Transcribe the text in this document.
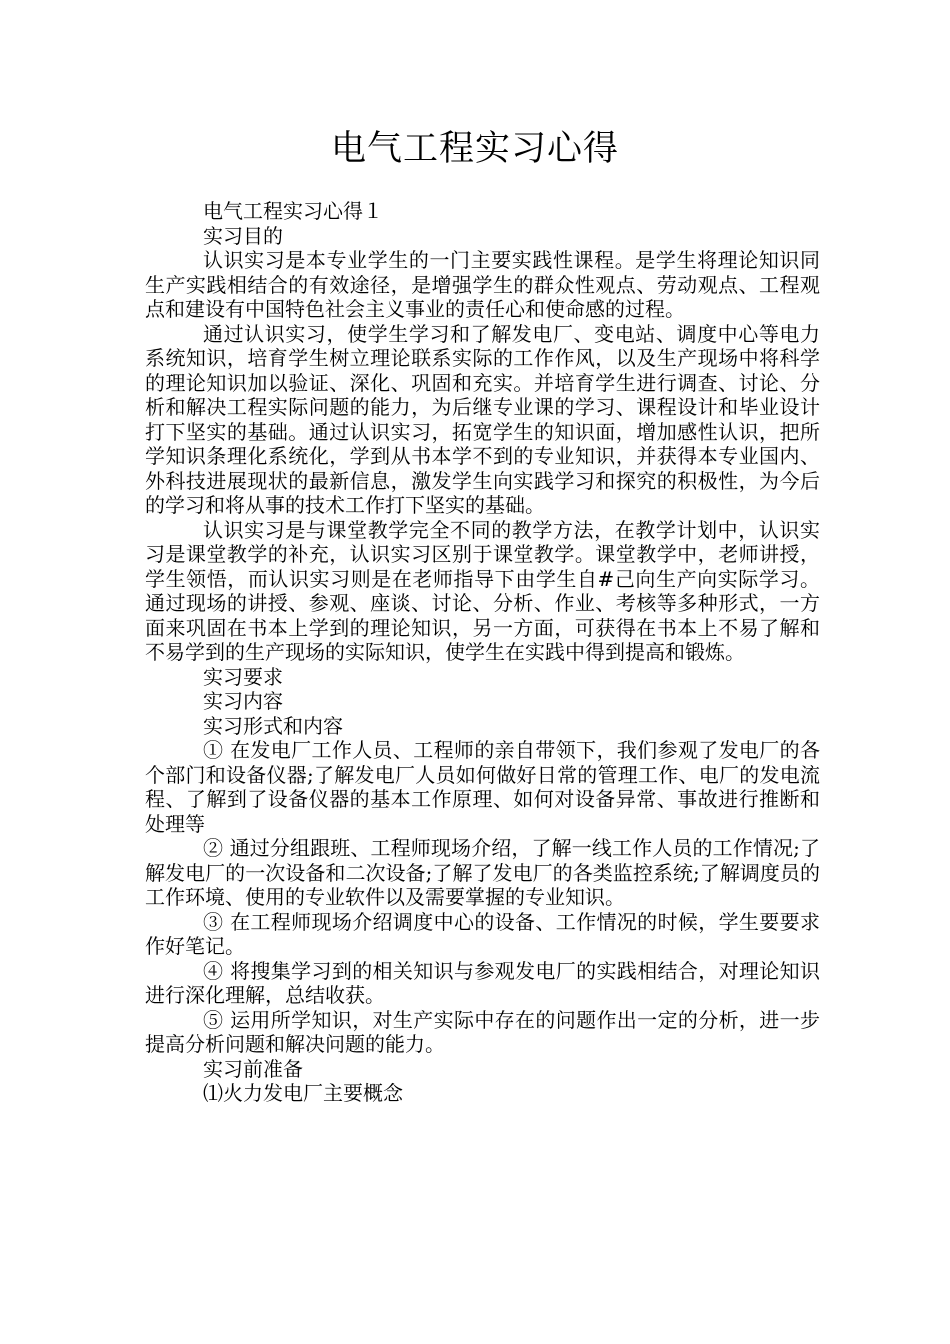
电气工程实习心得

电气工程实习心得１

实习目的

认识实习是本专业学生的一门主要实践性课程。是学生将理论知识同生产实践相结合的有效途径，是增强学生的群众性观点、劳动观点、工程观点和建设有中国特色社会主义事业的责任心和使命感的过程。

通过认识实习，使学生学习和了解发电厂、变电站、调度中心等电力系统知识，培育学生树立理论联系实际的工作作风，以及生产现场中将科学的理论知识加以验证、深化、巩固和充实。并培育学生进行调查、讨论、分析和解决工程实际问题的能力，为后继专业课的学习、课程设计和毕业设计打下坚实的基础。通过认识实习，拓宽学生的知识面，增加感性认识，把所学知识条理化系统化，学到从书本学不到的专业知识，并获得本专业国内、外科技进展现状的最新信息，激发学生向实践学习和探究的积极性，为今后的学习和将从事的技术工作打下坚实的基础。

认识实习是与课堂教学完全不同的教学方法，在教学计划中，认识实习是课堂教学的补充，认识实习区别于课堂教学。课堂教学中，老师讲授，学生领悟，而认识实习则是在老师指导下由学生自#己向生产向实际学习。通过现场的讲授、参观、座谈、讨论、分析、作业、考核等多种形式，一方面来巩固在书本上学到的理论知识，另一方面，可获得在书本上不易了解和不易学到的生产现场的实际知识，使学生在实践中得到提高和锻炼。

实习要求

实习内容

实习形式和内容

① 在发电厂工作人员、工程师的亲自带领下，我们参观了发电厂的各个部门和设备仪器;了解发电厂人员如何做好日常的管理工作、电厂的发电流程、了解到了设备仪器的基本工作原理、如何对设备异常、事故进行推断和处理等

② 通过分组跟班、工程师现场介绍，了解一线工作人员的工作情况;了解发电厂的一次设备和二次设备;了解了发电厂的各类监控系统;了解调度员的工作环境、使用的专业软件以及需要掌握的专业知识。

③ 在工程师现场介绍调度中心的设备、工作情况的时候，学生要要求作好笔记。

④ 将搜集学习到的相关知识与参观发电厂的实践相结合，对理论知识进行深化理解，总结收获。

⑤ 运用所学知识，对生产实际中存在的问题作出一定的分析，进一步提高分析问题和解决问题的能力。

实习前准备

⑴火力发电厂主要概念
